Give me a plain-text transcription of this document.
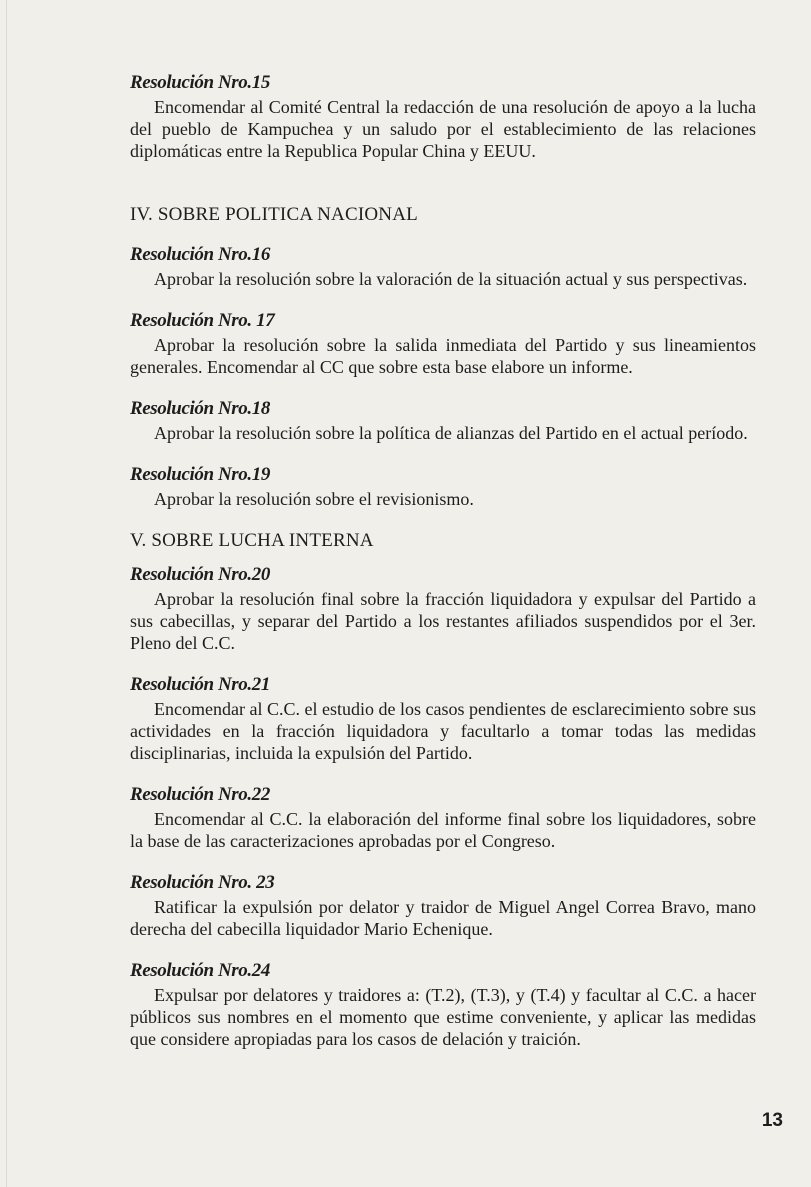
Resolución Nro.15

Encomendar al Comité Central la redacción de una resolución de apoyo a la lucha del pueblo de Kampuchea y un saludo por el establecimiento de las relaciones diplomáticas entre la Republica Popular China y EEUU.

IV. SOBRE POLITICA NACIONAL
Resolución Nro.16

Aprobar la resolución sobre la valoración de la situación actual y sus perspectivas.

Resolución Nro. 17

Aprobar la resolución sobre la salida inmediata del Partido y sus lineamientos generales. Encomendar al CC que sobre esta base elabore un informe.

Resolución Nro.18

Aprobar la resolución sobre la política de alianzas del Partido en el actual período.

Resolución Nro.19

Aprobar la resolución sobre el revisionismo.

V. SOBRE LUCHA INTERNA
Resolución Nro.20

Aprobar la resolución final sobre la fracción liquidadora y expulsar del Partido a sus cabecillas, y separar del Partido a los restantes afiliados suspendidos por el 3er. Pleno del C.C.

Resolución Nro.21

Encomendar al C.C. el estudio de los casos pendientes de esclarecimiento sobre sus actividades en la fracción liquidadora y facultarlo a tomar todas las medidas disciplinarias, incluida la expulsión del Partido.

Resolución Nro.22

Encomendar al C.C. la elaboración del informe final sobre los liquidadores, sobre la base de las caracterizaciones aprobadas por el Congreso.

Resolución Nro. 23

Ratificar la expulsión por delator y traidor de Miguel Angel Correa Bravo, mano derecha del cabecilla liquidador Mario Echenique.

Resolución Nro.24

Expulsar por delatores y traidores a: (T.2), (T.3), y (T.4) y facultar al C.C. a hacer públicos sus nombres en el momento que estime conveniente, y aplicar las medidas que considere apropiadas para los casos de delación y traición.

13
